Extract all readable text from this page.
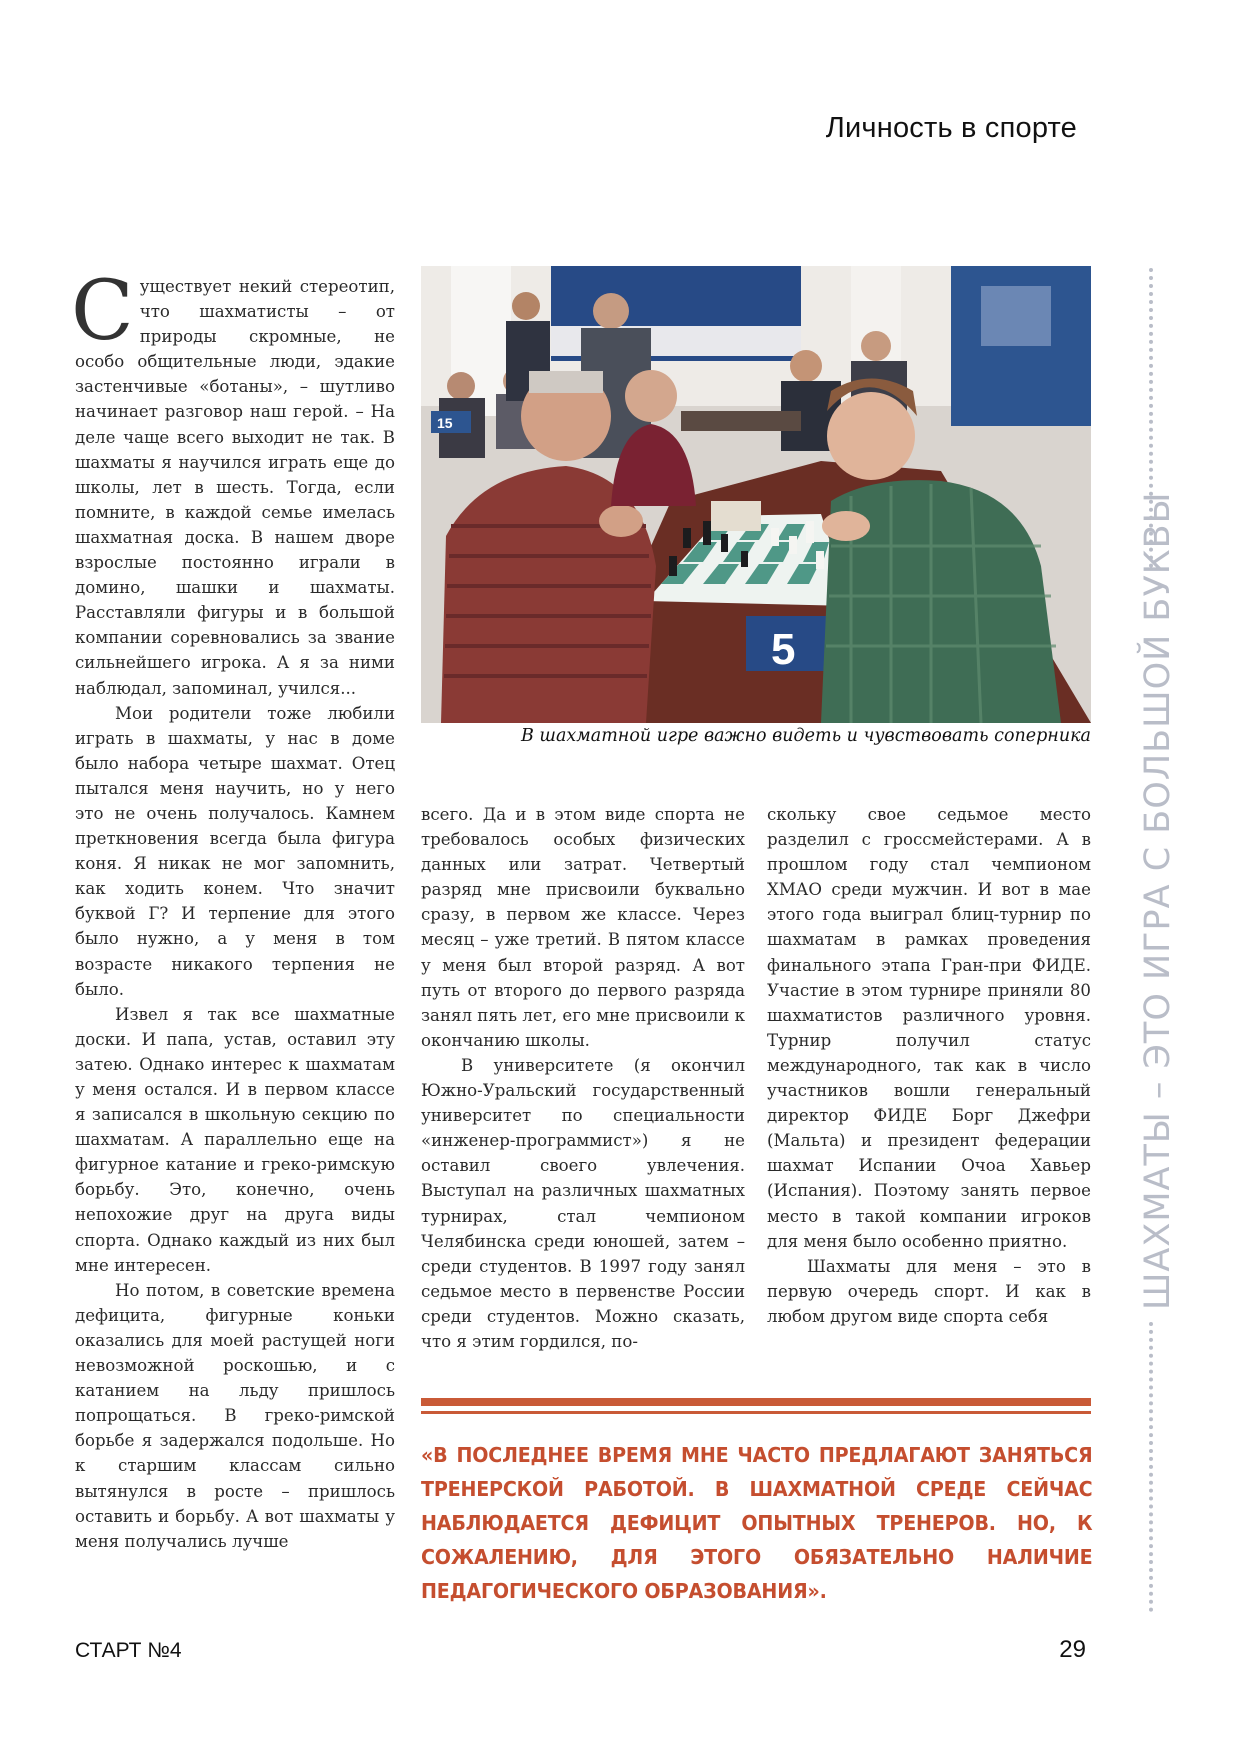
Личность в спорте
5
15
В шахматной игре важно видеть и чувствовать соперника

Существует некий стереотип, что шахматисты – от природы скромные, не особо общительные люди, эдакие застенчивые «ботаны», – шутливо начинает разговор наш герой. – На деле чаще всего выходит не так. В шахматы я научился играть еще до школы, лет в шесть. Тогда, если помните, в каждой семье имелась шахматная доска. В нашем дворе взрослые постоянно играли в домино, шашки и шахматы. Расставляли фигуры и в большой компании соревновались за звание сильнейшего игрока. А я за ними наблюдал, запоминал, учился...

Мои родители тоже любили играть в шахматы, у нас в доме было набора четыре шахмат. Отец пытался меня научить, но у него это не очень получалось. Камнем преткновения всегда была фигура коня. Я никак не мог запомнить, как ходить конем. Что значит буквой Г? И терпение для этого было нужно, а у меня в том возрасте никакого терпения не было.

Извел я так все шахматные доски. И папа, устав, оставил эту затею. Однако интерес к шахматам у меня остался. И в первом классе я записался в школьную секцию по шахматам. А параллельно еще на фигурное катание и греко-римскую борьбу. Это, конечно, очень непохожие друг на друга виды спорта. Однако каждый из них был мне интересен.

Но потом, в советские времена дефицита, фигурные коньки оказались для моей растущей ноги невозможной роскошью, и с катанием на льду пришлось попрощаться. В греко-римской борьбе я задержался подольше. Но к старшим классам сильно вытянулся в росте – пришлось оставить и борьбу. А вот шахматы у меня получались лучше

всего. Да и в этом виде спорта не требовалось особых физических данных или затрат. Четвертый разряд мне присвоили буквально сразу, в первом же классе. Через месяц – уже третий. В пятом классе у меня был второй разряд. А вот путь от второго до первого разряда занял пять лет, его мне присвоили к окончанию школы.

В университете (я окончил Южно-Уральский государственный университет по специальности «инженер-программист») я не оставил своего увлечения. Выступал на различных шахматных турнирах, стал чемпионом Челябинска среди юношей, затем – среди студентов. В 1997 году занял седьмое место в первенстве России среди студентов. Можно сказать, что я этим гордился, по-

скольку свое седьмое место разделил с гроссмейстерами. А в прошлом году стал чемпионом ХМАО среди мужчин. И вот в мае этого года выиграл блиц-турнир по шахматам в рамках проведения финального этапа Гран-при ФИДЕ. Участие в этом турнире приняли 80 шахматистов различного уровня. Турнир получил статус международного, так как в число участников вошли генеральный директор ФИДЕ Борг Джефри (Мальта) и президент федерации шахмат Испании Очоа Хавьер (Испания). Поэтому занять первое место в такой компании игроков для меня было особенно приятно.

Шахматы для меня – это в первую очередь спорт. И как в любом другом виде спорта себя

«В ПОСЛЕДНЕЕ ВРЕМЯ МНЕ ЧАСТО ПРЕДЛАГАЮТ ЗАНЯТЬСЯ ТРЕНЕРСКОЙ РАБОТОЙ. В ШАХМАТНОЙ СРЕДЕ СЕЙЧАС НАБЛЮДАЕТСЯ ДЕФИЦИТ ОПЫТНЫХ ТРЕНЕРОВ. НО, К СОЖАЛЕНИЮ, ДЛЯ ЭТОГО ОБЯЗАТЕЛЬНО НАЛИЧИЕ ПЕДАГОГИЧЕСКОГО ОБРАЗОВАНИЯ».
ШАХМАТЫ – ЭТО ИГРА С БОЛЬШОЙ БУКВЫ
СТАРТ №4	29
